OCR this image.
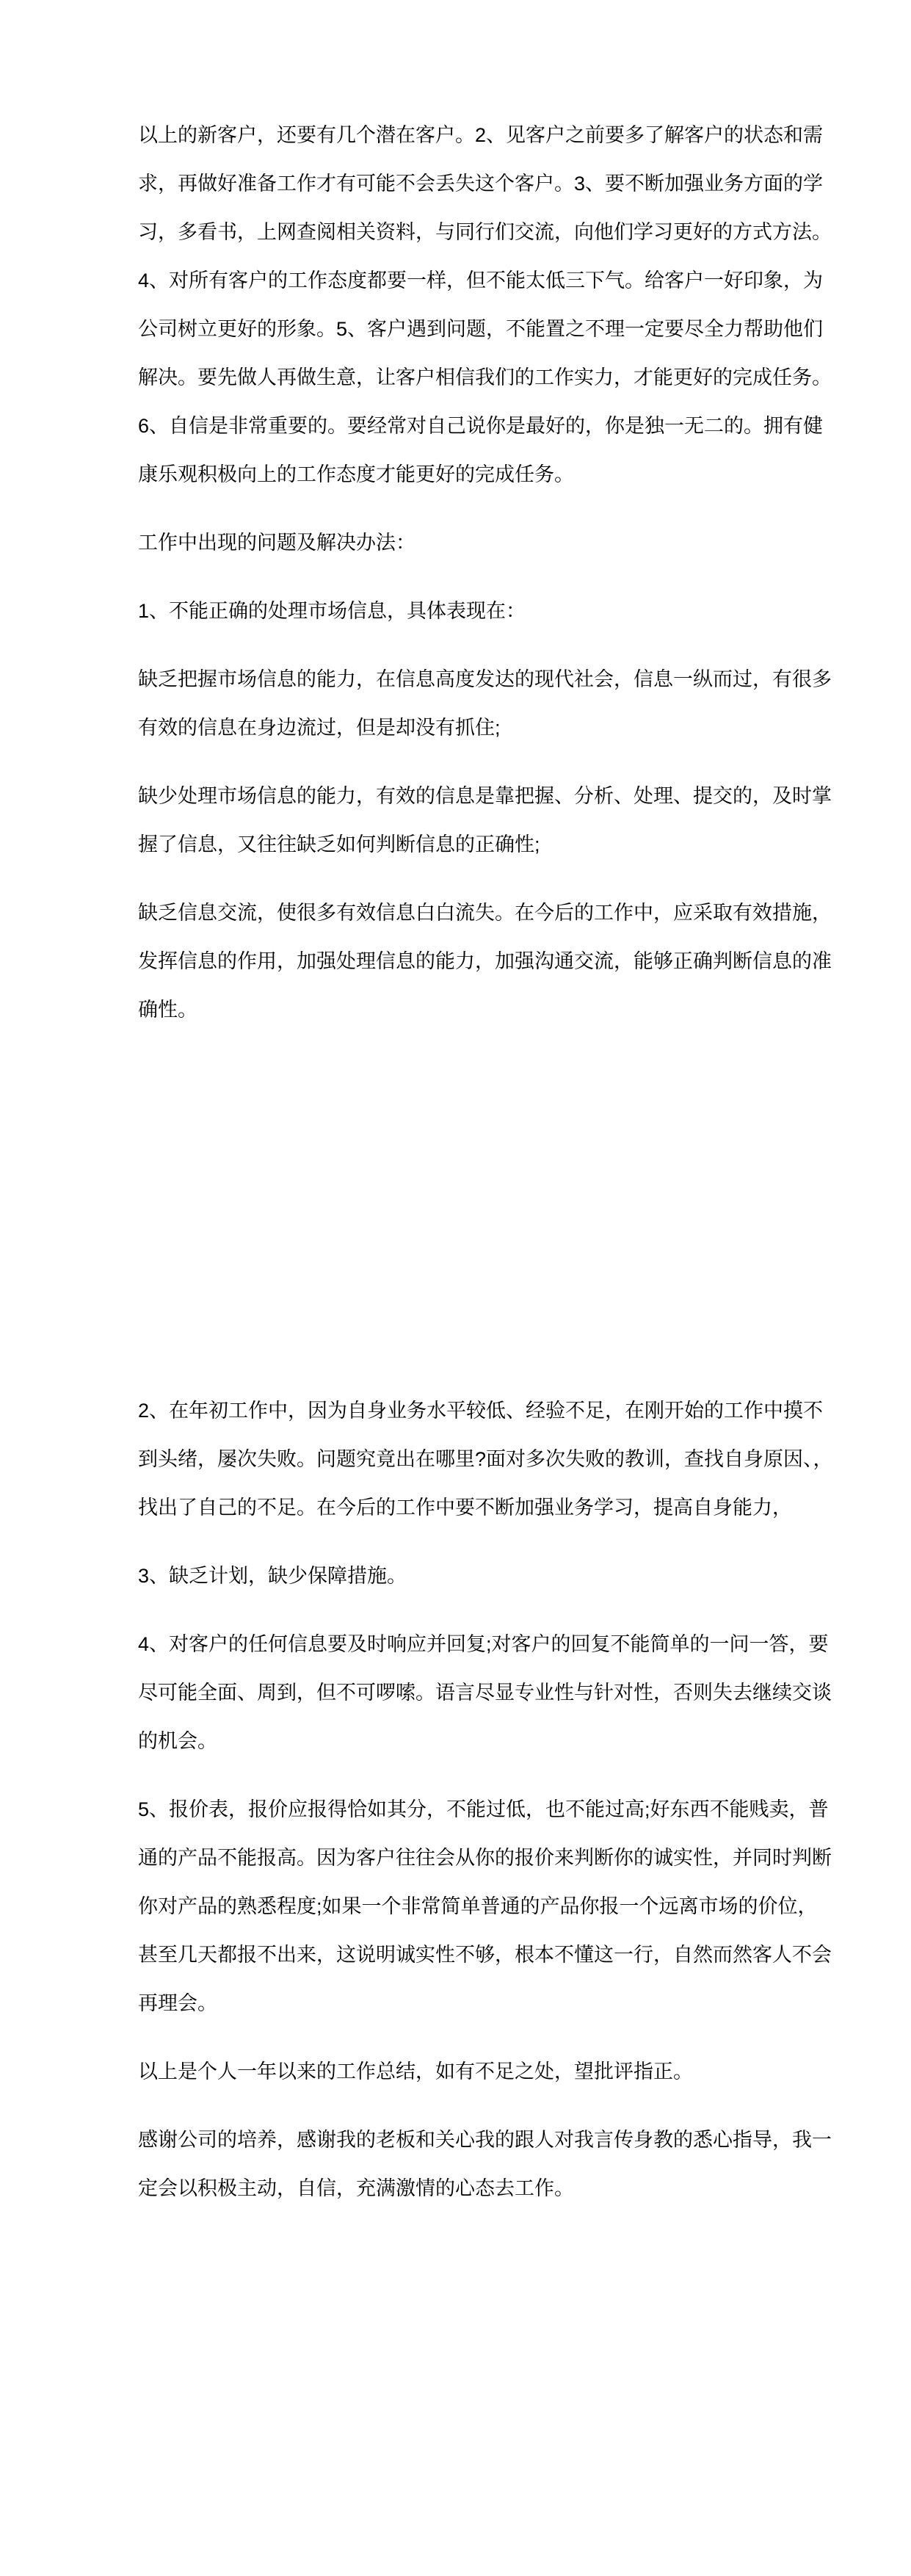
以上的新客户，还要有几个潜在客户。2、见客户之前要多了解客户的状态和需
求，再做好准备工作才有可能不会丢失这个客户。3、要不断加强业务方面的学
习，多看书，上网查阅相关资料，与同行们交流，向他们学习更好的方式方法。
4、对所有客户的工作态度都要一样，但不能太低三下气。给客户一好印象，为
公司树立更好的形象。5、客户遇到问题，不能置之不理一定要尽全力帮助他们
解决。要先做人再做生意，让客户相信我们的工作实力，才能更好的完成任务。
6、自信是非常重要的。要经常对自己说你是最好的，你是独一无二的。拥有健
康乐观积极向上的工作态度才能更好的完成任务。
工作中出现的问题及解决办法：
1、不能正确的处理市场信息，具体表现在：
缺乏把握市场信息的能力，在信息高度发达的现代社会，信息一纵而过，有很多
有效的信息在身边流过，但是却没有抓住;
缺少处理市场信息的能力，有效的信息是靠把握、分析、处理、提交的，及时掌
握了信息，又往往缺乏如何判断信息的正确性;
缺乏信息交流，使很多有效信息白白流失。在今后的工作中，应采取有效措施，
发挥信息的作用，加强处理信息的能力，加强沟通交流，能够正确判断信息的准
确性。
2、在年初工作中，因为自身业务水平较低、经验不足，在刚开始的工作中摸不
到头绪，屡次失败。问题究竟出在哪里?面对多次失败的教训，查找自身原因、，
找出了自己的不足。在今后的工作中要不断加强业务学习，提高自身能力，
3、缺乏计划，缺少保障措施。
4、对客户的任何信息要及时响应并回复;对客户的回复不能简单的一问一答，要
尽可能全面、周到，但不可啰嗦。语言尽显专业性与针对性，否则失去继续交谈
的机会。
5、报价表，报价应报得恰如其分，不能过低，也不能过高;好东西不能贱卖，普
通的产品不能报高。因为客户往往会从你的报价来判断你的诚实性，并同时判断
你对产品的熟悉程度;如果一个非常简单普通的产品你报一个远离市场的价位，
甚至几天都报不出来，这说明诚实性不够，根本不懂这一行，自然而然客人不会
再理会。
以上是个人一年以来的工作总结，如有不足之处，望批评指正。
感谢公司的培养，感谢我的老板和关心我的跟人对我言传身教的悉心指导，我一
定会以积极主动，自信，充满激情的心态去工作。
